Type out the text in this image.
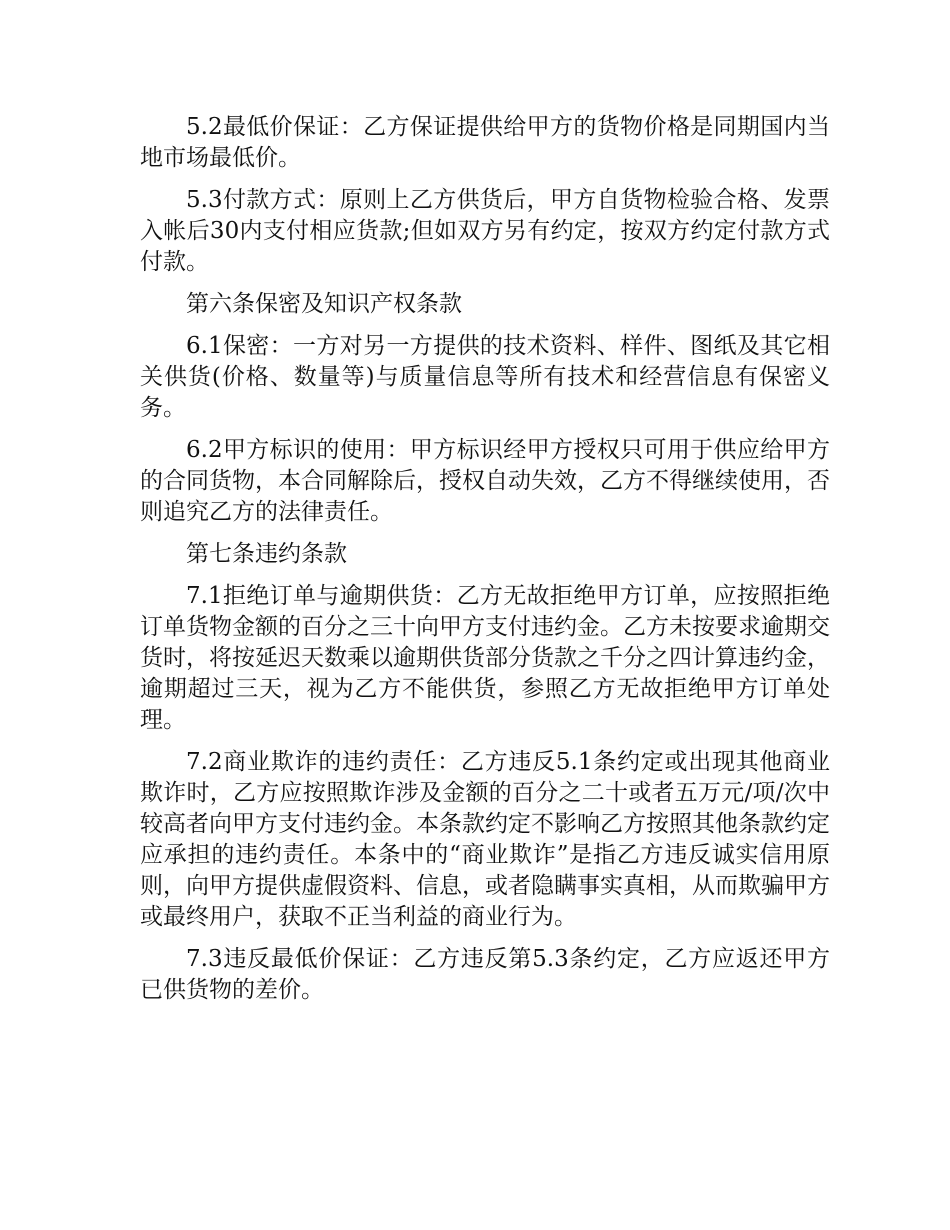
5.2最低价保证：乙方保证提供给甲方的货物价格是同期国内当地市场最低价。

5.3付款方式：原则上乙方供货后，甲方自货物检验合格、发票入帐后30内支付相应货款;但如双方另有约定，按双方约定付款方式付款。

第六条保密及知识产权条款

6.1保密：一方对另一方提供的技术资料、样件、图纸及其它相关供货(价格、数量等)与质量信息等所有技术和经营信息有保密义务。

6.2甲方标识的使用：甲方标识经甲方授权只可用于供应给甲方的合同货物，本合同解除后，授权自动失效，乙方不得继续使用，否则追究乙方的法律责任。

第七条违约条款

7.1拒绝订单与逾期供货：乙方无故拒绝甲方订单，应按照拒绝订单货物金额的百分之三十向甲方支付违约金。乙方未按要求逾期交货时，将按延迟天数乘以逾期供货部分货款之千分之四计算违约金，逾期超过三天，视为乙方不能供货，参照乙方无故拒绝甲方订单处理。

7.2商业欺诈的违约责任：乙方违反5.1条约定或出现其他商业欺诈时，乙方应按照欺诈涉及金额的百分之二十或者五万元/项/次中较高者向甲方支付违约金。本条款约定不影响乙方按照其他条款约定应承担的违约责任。本条中的“商业欺诈”是指乙方违反诚实信用原则，向甲方提供虚假资料、信息，或者隐瞒事实真相，从而欺骗甲方或最终用户，获取不正当利益的商业行为。

7.3违反最低价保证：乙方违反第5.3条约定，乙方应返还甲方已供货物的差价。
